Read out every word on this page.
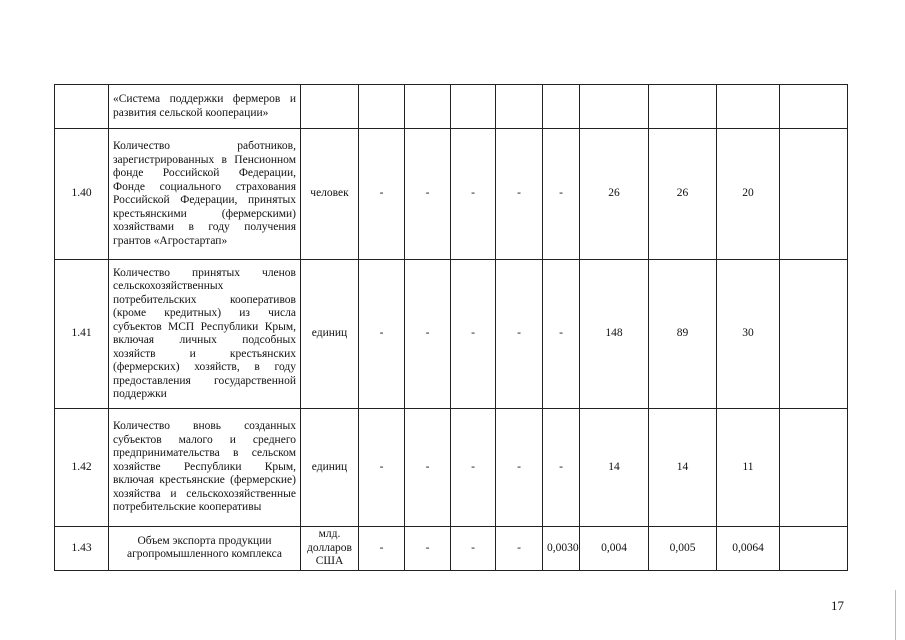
	«Система поддержки фермеров и развития сельской кооперации»										
1.40	Количество работников, зарегистрированных в Пенсионном фонде Российской Федерации, Фонде социального страхования Российской Федерации, принятых крестьянскими (фермерскими) хозяйствами в году получения грантов «Агростартап»	человек	-	-	-	-	-	26	26	20	
1.41	Количество принятых членов сельскохозяйственных потребительских кооперативов (кроме кредитных) из числа субъектов МСП Республики Крым, включая личных подсобных хозяйств и крестьянских (фермерских) хозяйств, в году предоставления государственной поддержки	единиц	-	-	-	-	-	148	89	30	
1.42	Количество вновь созданных субъектов малого и среднего предпринимательства в сельском хозяйстве Республики Крым, включая крестьянские (фермерские) хозяйства и сельскохозяйственные потребительские кооперативы	единиц	-	-	-	-	-	14	14	11	
1.43	Объем экспорта продукции агропромышленного комплекса	млд. долларов США	-	-	-	-	0,0030	0,004	0,005	0,0064	
17
